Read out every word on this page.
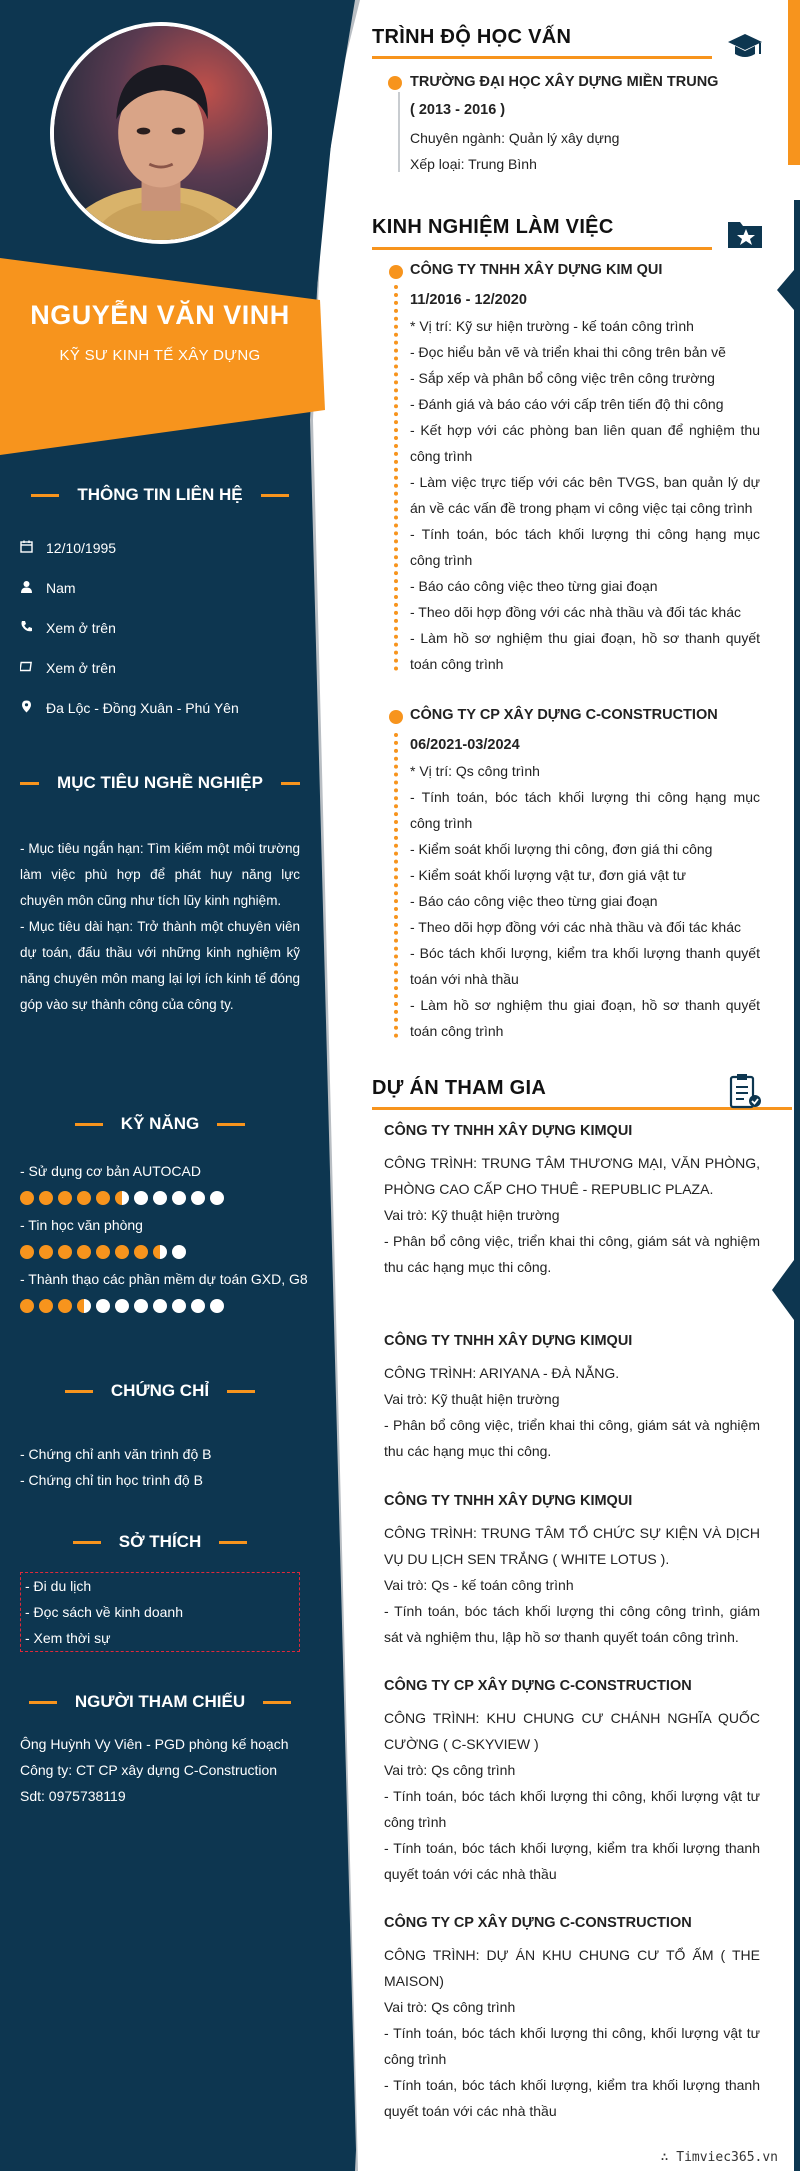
NGUYỄN VĂN VINH
KỸ SƯ KINH TẾ XÂY DỰNG
THÔNG TIN LIÊN HỆ
12/10/1995
Nam
Xem ở trên
Xem ở trên
Đa Lộc - Đồng Xuân - Phú Yên
MỤC TIÊU NGHỀ NGHIỆP
- Mục tiêu ngắn hạn: Tìm kiếm một môi trường làm việc phù hợp để phát huy năng lực chuyên môn cũng như tích lũy kinh nghiệm.
- Mục tiêu dài hạn: Trở thành một chuyên viên dự toán, đấu thầu với những kinh nghiệm kỹ năng chuyên môn mang lại lợi ích kinh tế đóng góp vào sự thành công của công ty.
KỸ NĂNG
- Sử dụng cơ bản AUTOCAD
- Tin học văn phòng
- Thành thạo các phần mềm dự toán GXD, G8
CHỨNG CHỈ
- Chứng chỉ anh văn trình độ B
- Chứng chỉ tin học trình độ B
SỞ THÍCH
- Đi du lịch
- Đọc sách về kinh doanh
- Xem thời sự
NGƯỜI THAM CHIẾU
Ông Huỳnh Vy Viên - PGD phòng kế hoạch
Công ty: CT CP xây dựng C-Construction
Sdt: 0975738119
TRÌNH ĐỘ HỌC VẤN
TRƯỜNG ĐẠI HỌC XÂY DỰNG MIỀN TRUNG
( 2013 - 2016 )
Chuyên ngành: Quản lý xây dựng
Xếp loại: Trung Bình
KINH NGHIỆM LÀM VIỆC
CÔNG TY TNHH XÂY DỰNG KIM QUI
11/2016 - 12/2020
* Vị trí: Kỹ sư hiện trường - kế toán công trình
- Đọc hiểu bản vẽ và triển khai thi công trên bản vẽ
- Sắp xếp và phân bổ công việc trên công trường
- Đánh giá và báo cáo với cấp trên tiến độ thi công
- Kết hợp với các phòng ban liên quan để nghiệm thu công trình
- Làm việc trực tiếp với các bên TVGS, ban quản lý dự án về các vấn đề trong phạm vi công việc tại công trình
- Tính toán, bóc tách khối lượng thi công hạng mục công trình
- Báo cáo công việc theo từng giai đoạn
- Theo dõi hợp đồng với các nhà thầu và đối tác khác
- Làm hồ sơ nghiệm thu giai đoạn, hồ sơ thanh quyết toán công trình
CÔNG TY CP XÂY DỰNG C-CONSTRUCTION
06/2021-03/2024
* Vị trí: Qs công trình
- Tính toán, bóc tách khối lượng thi công hạng mục công trình
- Kiểm soát khối lượng thi công, đơn giá thi công
- Kiểm soát khối lượng vật tư, đơn giá vật tư
- Báo cáo công việc theo từng giai đoạn
- Theo dõi hợp đồng với các nhà thầu và đối tác khác
- Bóc tách khối lượng, kiểm tra khối lượng thanh quyết toán với nhà thầu
- Làm hồ sơ nghiệm thu giai đoạn, hồ sơ thanh quyết toán công trình
DỰ ÁN THAM GIA
CÔNG TY TNHH XÂY DỰNG KIMQUI
CÔNG TRÌNH: TRUNG TÂM THƯƠNG MẠI, VĂN PHÒNG, PHÒNG CAO CẤP CHO THUÊ - REPUBLIC PLAZA.
Vai trò: Kỹ thuật hiện trường
- Phân bổ công việc, triển khai thi công, giám sát và nghiệm thu các hạng mục thi công.
CÔNG TY TNHH XÂY DỰNG KIMQUI
CÔNG TRÌNH: ARIYANA - ĐÀ NẴNG.
Vai trò: Kỹ thuật hiện trường
- Phân bổ công việc, triển khai thi công, giám sát và nghiệm thu các hạng mục thi công.
CÔNG TY TNHH XÂY DỰNG KIMQUI
CÔNG TRÌNH: TRUNG TÂM TỔ CHỨC SỰ KIỆN VÀ DỊCH VỤ DU LỊCH SEN TRẮNG ( WHITE LOTUS ).
Vai trò: Qs - kế toán công trình
- Tính toán, bóc tách khối lượng thi công công trình, giám sát và nghiệm thu, lập hồ sơ thanh quyết toán công trình.
CÔNG TY CP XÂY DỰNG C-CONSTRUCTION
CÔNG TRÌNH: KHU CHUNG CƯ CHÁNH NGHĨA QUỐC CƯỜNG ( C-SKYVIEW )
Vai trò: Qs công trình
- Tính toán, bóc tách khối lượng thi công, khối lượng vật tư công trình
- Tính toán, bóc tách khối lượng, kiểm tra khối lượng thanh quyết toán với các nhà thầu
CÔNG TY CP XÂY DỰNG C-CONSTRUCTION
CÔNG TRÌNH: DỰ ÁN KHU CHUNG CƯ TỔ ẤM ( THE MAISON)
Vai trò: Qs công trình
- Tính toán, bóc tách khối lượng thi công, khối lượng vật tư công trình
- Tính toán, bóc tách khối lượng, kiểm tra khối lượng thanh quyết toán với các nhà thầu
∴ Timviec365.vn
